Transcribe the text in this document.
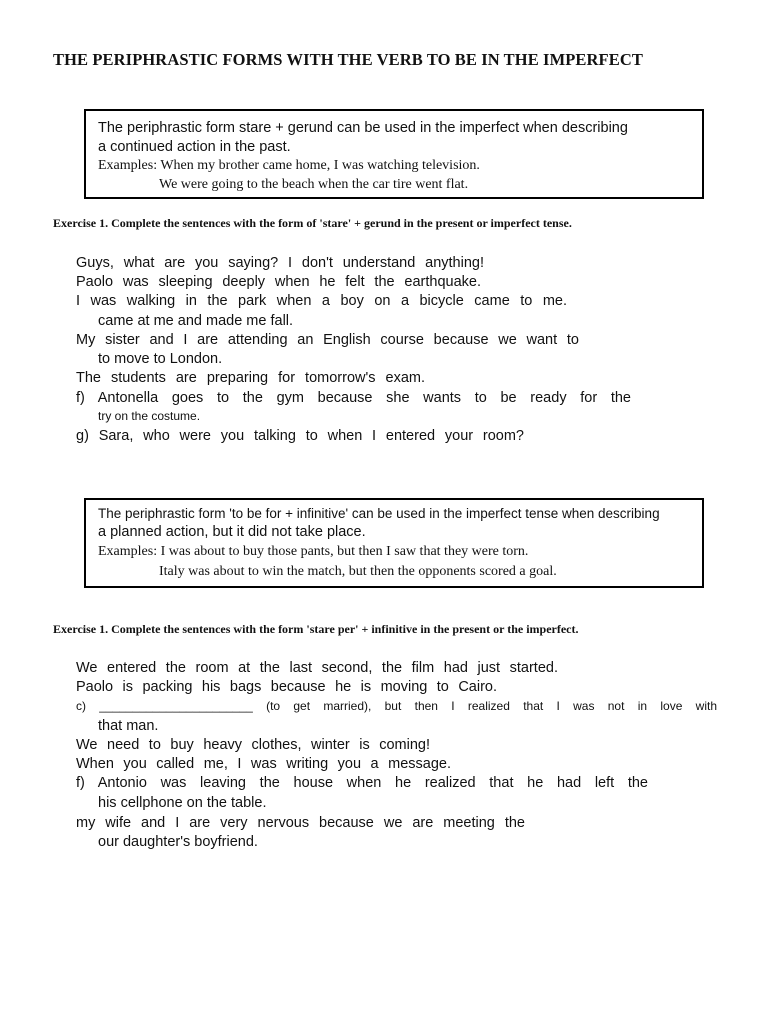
THE PERIPHRASTIC FORMS WITH THE VERB TO BE IN THE IMPERFECT
The periphrastic form stare + gerund can be used in the imperfect when describing
a continued action in the past.
Examples: When my brother came home, I was watching television.
We were going to the beach when the car tire went flat.
Exercise 1. Complete the sentences with the form of 'stare' + gerund in the present or imperfect tense.
Guys, what are you saying? I don't understand anything!
Paolo was sleeping deeply when he felt the earthquake.
I was walking in the park when a boy on a bicycle came to me.
came at me and made me fall.
My sister and I are attending an English course because we want to
to move to London.
The students are preparing for tomorrow's exam.
f) Antonella goes to the gym because she wants to be ready for the
try on the costume.
g) Sara, who were you talking to when I entered your room?
The periphrastic form 'to be for + infinitive' can be used in the imperfect tense when describing
a planned action, but it did not take place.
Examples: I was about to buy those pants, but then I saw that they were torn.
Italy was about to win the match, but then the opponents scored a goal.
Exercise 1. Complete the sentences with the form 'stare per' + infinitive in the present or the imperfect.
We entered the room at the last second, the film had just started.
Paolo is packing his bags because he is moving to Cairo.
c) _______________________ (to get married), but then I realized that I was not in love with
that man.
We need to buy heavy clothes, winter is coming!
When you called me, I was writing you a message.
f) Antonio was leaving the house when he realized that he had left the
his cellphone on the table.
my wife and I are very nervous because we are meeting the
our daughter's boyfriend.
